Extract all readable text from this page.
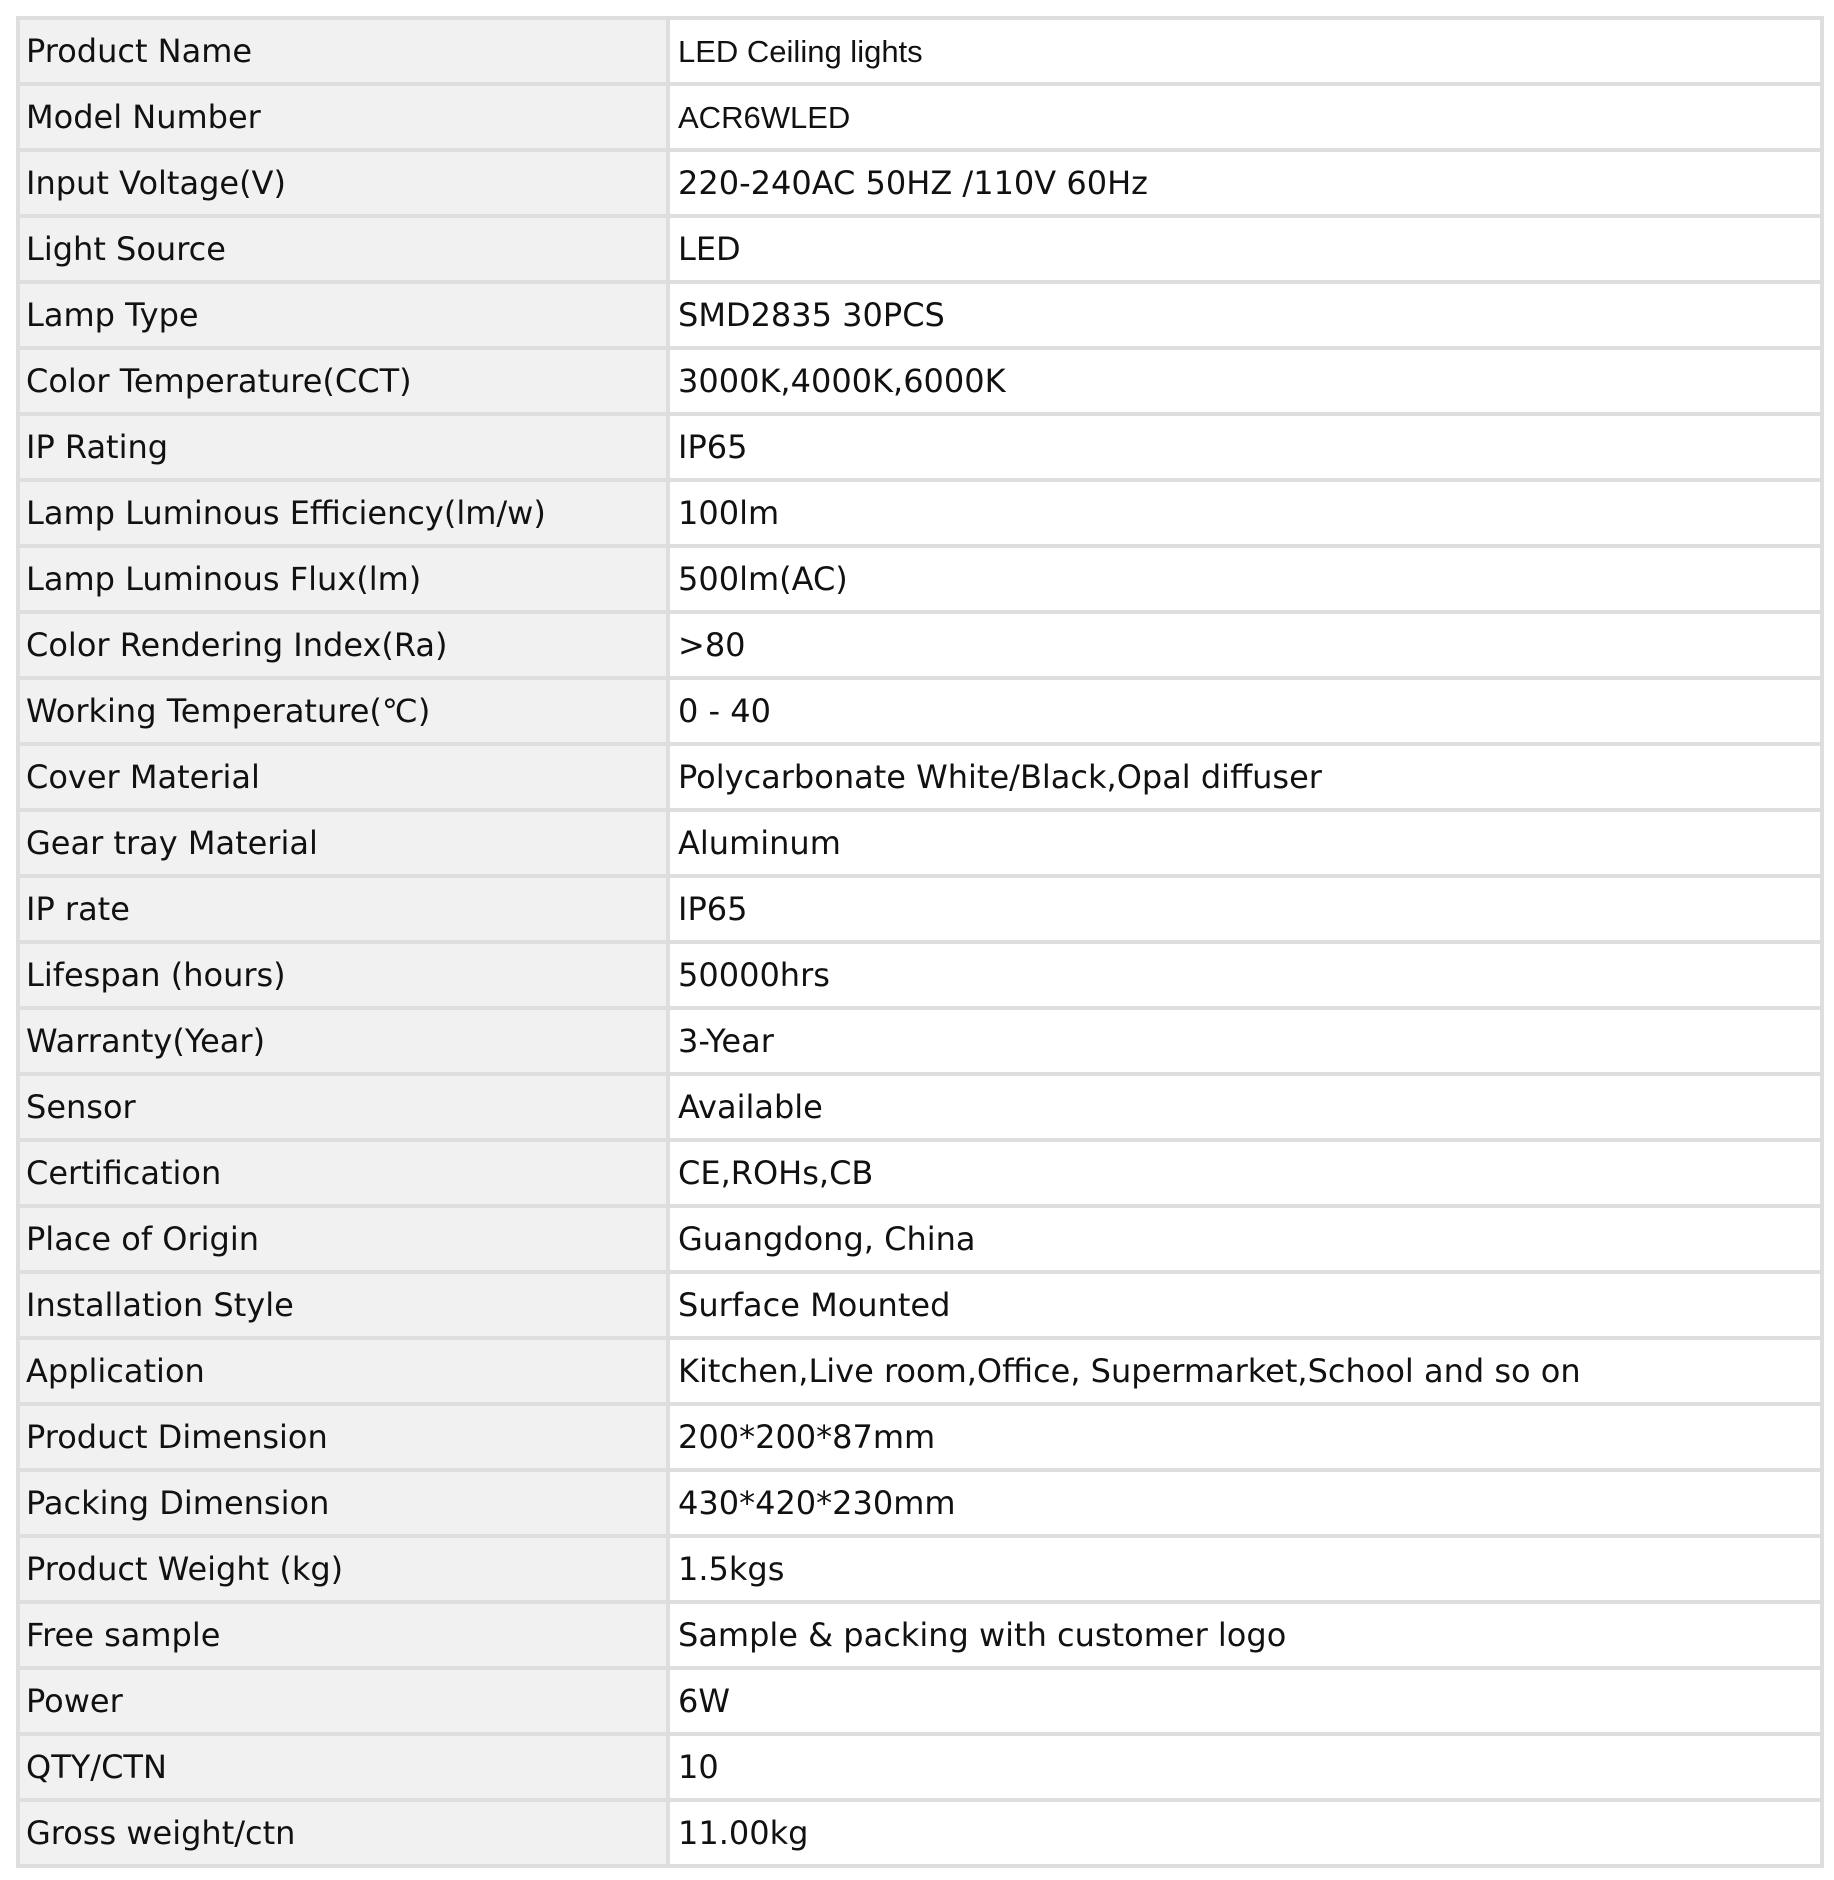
Product Name	LED Ceiling lights
Model Number	ACR6WLED
Input Voltage(V)	220-240AC 50HZ /110V 60Hz
Light Source	LED
Lamp Type	SMD2835 30PCS
Color Temperature(CCT)	3000K,4000K,6000K
IP Rating	IP65
Lamp Luminous Efficiency(lm/w)	100lm
Lamp Luminous Flux(lm)	500lm(AC)
Color Rendering Index(Ra)	>80
Working Temperature(℃)	0 - 40
Cover Material	Polycarbonate White/Black,Opal diffuser
Gear tray Material	Aluminum
IP rate	IP65
Lifespan (hours)	50000hrs
Warranty(Year)	3-Year
Sensor	Available
Certification	CE,ROHs,CB
Place of Origin	Guangdong, China
Installation Style	Surface Mounted
Application	Kitchen,Live room,Office, Supermarket,School and so on
Product Dimension	200*200*87mm
Packing Dimension	430*420*230mm
Product Weight (kg)	1.5kgs
Free sample	Sample & packing with customer logo
Power	6W
QTY/CTN	10
Gross weight/ctn	11.00kg
